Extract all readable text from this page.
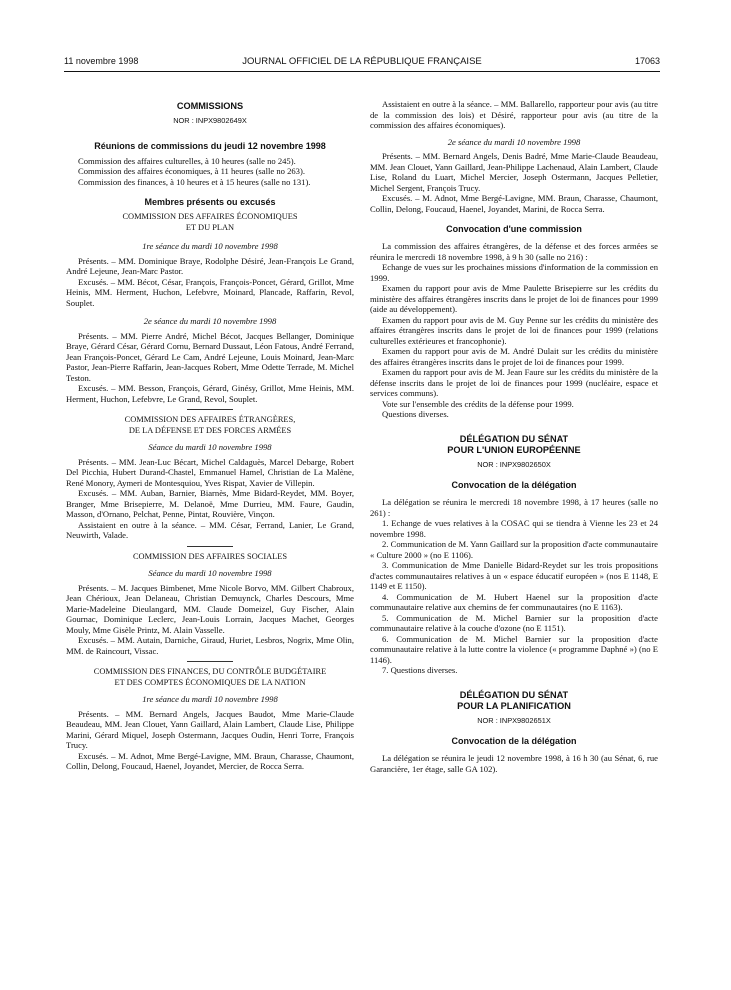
11 novembre 1998	JOURNAL OFFICIEL DE LA RÉPUBLIQUE FRANÇAISE	17063
COMMISSIONS
NOR : INPX9802649X
Réunions de commissions du jeudi 12 novembre 1998

Commission des affaires culturelles, à 10 heures (salle no 245).

Commission des affaires économiques, à 11 heures (salle no 263).

Commission des finances, à 10 heures et à 15 heures (salle no 131).

Membres présents ou excusés
COMMISSION DES AFFAIRES ÉCONOMIQUES
ET DU PLAN
1re séance du mardi 10 novembre 1998

Présents. – MM. Dominique Braye, Rodolphe Désiré, Jean-François Le Grand, André Lejeune, Jean-Marc Pastor.

Excusés. – MM. Bécot, César, François, François-Poncet, Gérard, Grillot, Mme Heinis, MM. Herment, Huchon, Lefebvre, Moinard, Plancade, Raffarin, Revol, Souplet.

2e séance du mardi 10 novembre 1998

Présents. – MM. Pierre André, Michel Bécot, Jacques Bellanger, Dominique Braye, Gérard César, Gérard Cornu, Bernard Dussaut, Léon Fatous, André Ferrand, Jean François-Poncet, Gérard Le Cam, André Lejeune, Louis Moinard, Jean-Marc Pastor, Jean-Pierre Raffarin, Jean-Jacques Robert, Mme Odette Terrade, M. Michel Teston.

Excusés. – MM. Besson, François, Gérard, Ginésy, Grillot, Mme Heinis, MM. Herment, Huchon, Lefebvre, Le Grand, Revol, Souplet.

COMMISSION DES AFFAIRES ÉTRANGÈRES,
DE LA DÉFENSE ET DES FORCES ARMÉES
Séance du mardi 10 novembre 1998

Présents. – MM. Jean-Luc Bécart, Michel Caldaguès, Marcel Debarge, Robert Del Picchia, Hubert Durand-Chastel, Emmanuel Hamel, Christian de La Malène, René Monory, Aymeri de Montesquiou, Yves Rispat, Xavier de Villepin.

Excusés. – MM. Auban, Barnier, Biarnès, Mme Bidard-Reydet, MM. Boyer, Branger, Mme Brisepierre, M. Delanoë, Mme Durrieu, MM. Faure, Gaudin, Masson, d'Ornano, Pelchat, Penne, Pintat, Rouvière, Vinçon.

Assistaient en outre à la séance. – MM. César, Ferrand, Lanier, Le Grand, Neuwirth, Valade.

COMMISSION DES AFFAIRES SOCIALES
Séance du mardi 10 novembre 1998

Présents. – M. Jacques Bimbenet, Mme Nicole Borvo, MM. Gilbert Chabroux, Jean Chérioux, Jean Delaneau, Christian Demuynck, Charles Descours, Mme Marie-Madeleine Dieulangard, MM. Claude Domeizel, Guy Fischer, Alain Gournac, Dominique Leclerc, Jean-Louis Lorrain, Jacques Machet, Georges Mouly, Mme Gisèle Printz, M. Alain Vasselle.

Excusés. – MM. Autain, Darniche, Giraud, Huriet, Lesbros, Nogrix, Mme Olin, MM. de Raincourt, Vissac.

COMMISSION DES FINANCES, DU CONTRÔLE BUDGÉTAIRE
ET DES COMPTES ÉCONOMIQUES DE LA NATION
1re séance du mardi 10 novembre 1998

Présents. – MM. Bernard Angels, Jacques Baudot, Mme Marie-Claude Beaudeau, MM. Jean Clouet, Yann Gaillard, Alain Lambert, Claude Lise, Philippe Marini, Gérard Miquel, Joseph Ostermann, Jacques Oudin, Henri Torre, François Trucy.

Excusés. – M. Adnot, Mme Bergé-Lavigne, MM. Braun, Charasse, Chaumont, Collin, Delong, Foucaud, Haenel, Joyandet, Mercier, de Rocca Serra.

Assistaient en outre à la séance. – MM. Ballarello, rapporteur pour avis (au titre de la commission des lois) et Désiré, rapporteur pour avis (au titre de la commission des affaires économiques).

2e séance du mardi 10 novembre 1998

Présents. – MM. Bernard Angels, Denis Badré, Mme Marie-Claude Beaudeau, MM. Jean Clouet, Yann Gaillard, Jean-Philippe Lachenaud, Alain Lambert, Claude Lise, Roland du Luart, Michel Mercier, Joseph Ostermann, Jacques Pelletier, Michel Sergent, François Trucy.

Excusés. – M. Adnot, Mme Bergé-Lavigne, MM. Braun, Charasse, Chaumont, Collin, Delong, Foucaud, Haenel, Joyandet, Marini, de Rocca Serra.

Convocation d'une commission

La commission des affaires étrangères, de la défense et des forces armées se réunira le mercredi 18 novembre 1998, à 9 h 30 (salle no 216) :

Echange de vues sur les prochaines missions d'information de la commission en 1999.

Examen du rapport pour avis de Mme Paulette Brisepierre sur les crédits du ministère des affaires étrangères inscrits dans le projet de loi de finances pour 1999 (aide au développement).

Examen du rapport pour avis de M. Guy Penne sur les crédits du ministère des affaires étrangères inscrits dans le projet de loi de finances pour 1999 (relations culturelles extérieures et francophonie).

Examen du rapport pour avis de M. André Dulait sur les crédits du ministère des affaires étrangères inscrits dans le projet de loi de finances pour 1999.

Examen du rapport pour avis de M. Jean Faure sur les crédits du ministère de la défense inscrits dans le projet de loi de finances pour 1999 (nucléaire, espace et services communs).

Vote sur l'ensemble des crédits de la défense pour 1999.

Questions diverses.

DÉLÉGATION DU SÉNAT
POUR L'UNION EUROPÉENNE
NOR : INPX9802650X
Convocation de la délégation

La délégation se réunira le mercredi 18 novembre 1998, à 17 heures (salle no 261) :

1. Echange de vues relatives à la COSAC qui se tiendra à Vienne les 23 et 24 novembre 1998.

2. Communication de M. Yann Gaillard sur la proposition d'acte communautaire « Culture 2000 » (no E 1106).

3. Communication de Mme Danielle Bidard-Reydet sur les trois propositions d'actes communautaires relatives à un « espace éducatif européen » (nos E 1148, E 1149 et E 1150).

4. Communication de M. Hubert Haenel sur la proposition d'acte communautaire relative aux chemins de fer communautaires (no E 1163).

5. Communication de M. Michel Barnier sur la proposition d'acte communautaire relative à la couche d'ozone (no E 1151).

6. Communication de M. Michel Barnier sur la proposition d'acte communautaire relative à la lutte contre la violence (« programme Daphné ») (no E 1146).

7. Questions diverses.

DÉLÉGATION DU SÉNAT
POUR LA PLANIFICATION
NOR : INPX9802651X
Convocation de la délégation

La délégation se réunira le jeudi 12 novembre 1998, à 16 h 30 (au Sénat, 6, rue Garancière, 1er étage, salle GA 102).
